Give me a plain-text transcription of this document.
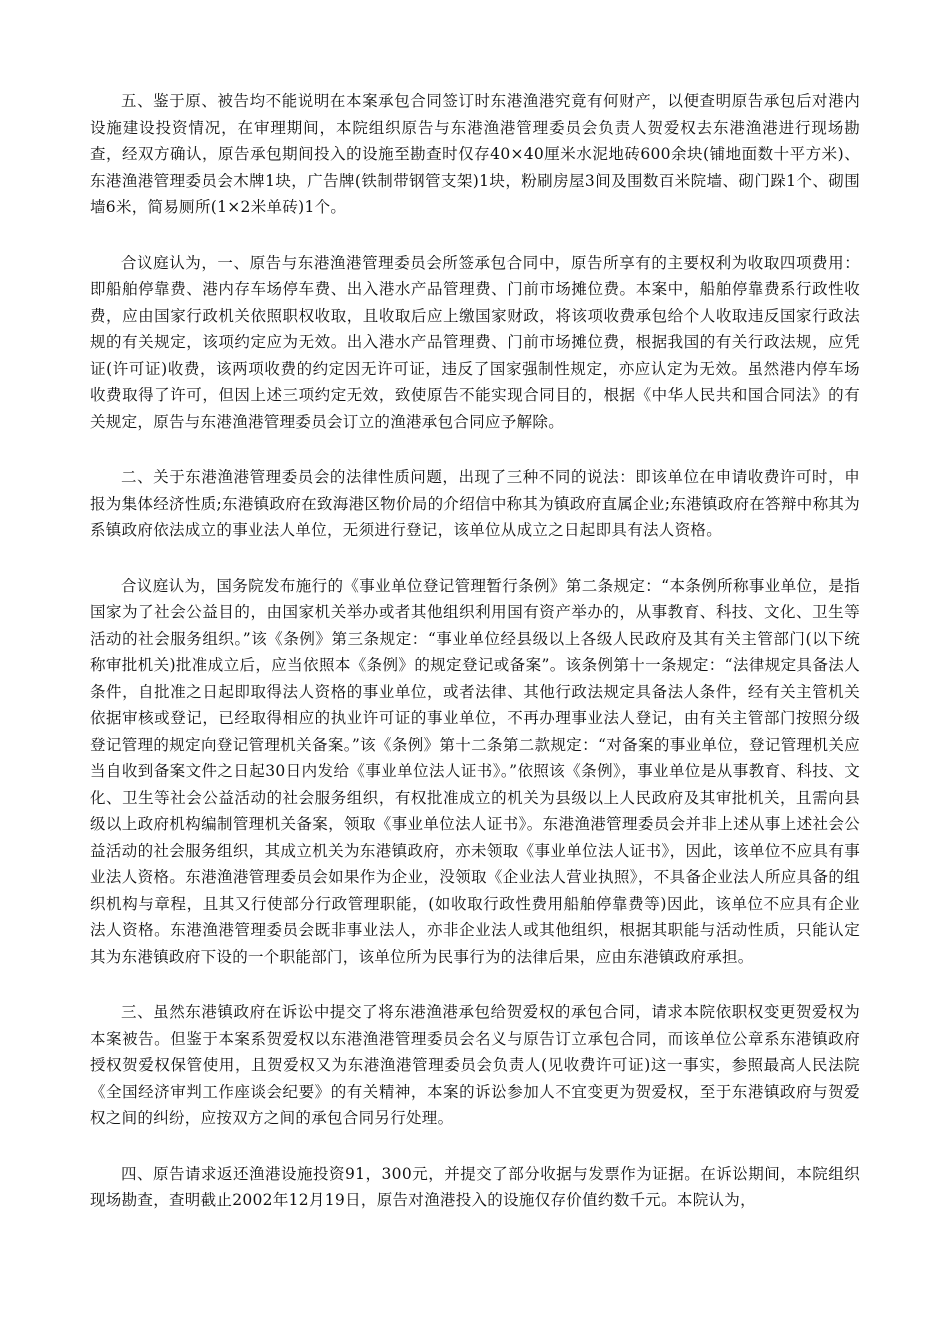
五、鉴于原、被告均不能说明在本案承包合同签订时东港渔港究竟有何财产，以便查明原告承包后对港内设施建设投资情况，在审理期间，本院组织原告与东港渔港管理委员会负责人贺爱权去东港渔港进行现场勘查，经双方确认，原告承包期间投入的设施至勘查时仅存40×40厘米水泥地砖600余块(铺地面数十平方米)、东港渔港管理委员会木牌1块，广告牌(铁制带钢管支架)1块，粉刷房屋3间及围数百米院墙、砌门跺1个、砌围墙6米，简易厕所(1×2米单砖)1个。

合议庭认为，一、原告与东港渔港管理委员会所签承包合同中，原告所享有的主要权利为收取四项费用：即船舶停靠费、港内存车场停车费、出入港水产品管理费、门前市场摊位费。本案中，船舶停靠费系行政性收费，应由国家行政机关依照职权收取，且收取后应上缴国家财政，将该项收费承包给个人收取违反国家行政法规的有关规定，该项约定应为无效。出入港水产品管理费、门前市场摊位费，根据我国的有关行政法规，应凭证(许可证)收费，该两项收费的约定因无许可证，违反了国家强制性规定，亦应认定为无效。虽然港内停车场收费取得了许可，但因上述三项约定无效，致使原告不能实现合同目的，根据《中华人民共和国合同法》的有关规定，原告与东港渔港管理委员会订立的渔港承包合同应予解除。

二、关于东港渔港管理委员会的法律性质问题，出现了三种不同的说法：即该单位在申请收费许可时，申报为集体经济性质;东港镇政府在致海港区物价局的介绍信中称其为镇政府直属企业;东港镇政府在答辩中称其为系镇政府依法成立的事业法人单位，无须进行登记，该单位从成立之日起即具有法人资格。

合议庭认为，国务院发布施行的《事业单位登记管理暂行条例》第二条规定：“本条例所称事业单位，是指国家为了社会公益目的，由国家机关举办或者其他组织利用国有资产举办的，从事教育、科技、文化、卫生等活动的社会服务组织。”该《条例》第三条规定：“事业单位经县级以上各级人民政府及其有关主管部门(以下统称审批机关)批准成立后，应当依照本《条例》的规定登记或备案”。该条例第十一条规定：“法律规定具备法人条件，自批准之日起即取得法人资格的事业单位，或者法律、其他行政法规定具备法人条件，经有关主管机关依据审核或登记，已经取得相应的执业许可证的事业单位，不再办理事业法人登记，由有关主管部门按照分级登记管理的规定向登记管理机关备案。”该《条例》第十二条第二款规定：“对备案的事业单位，登记管理机关应当自收到备案文件之日起30日内发给《事业单位法人证书》。”依照该《条例》，事业单位是从事教育、科技、文化、卫生等社会公益活动的社会服务组织，有权批准成立的机关为县级以上人民政府及其审批机关，且需向县级以上政府机构编制管理机关备案，领取《事业单位法人证书》。东港渔港管理委员会并非上述从事上述社会公益活动的社会服务组织，其成立机关为东港镇政府，亦未领取《事业单位法人证书》，因此，该单位不应具有事业法人资格。东港渔港管理委员会如果作为企业，没领取《企业法人营业执照》，不具备企业法人所应具备的组织机构与章程，且其又行使部分行政管理职能，(如收取行政性费用船舶停靠费等)因此，该单位不应具有企业法人资格。东港渔港管理委员会既非事业法人，亦非企业法人或其他组织，根据其职能与活动性质，只能认定其为东港镇政府下设的一个职能部门，该单位所为民事行为的法律后果，应由东港镇政府承担。

三、虽然东港镇政府在诉讼中提交了将东港渔港承包给贺爱权的承包合同，请求本院依职权变更贺爱权为本案被告。但鉴于本案系贺爱权以东港渔港管理委员会名义与原告订立承包合同，而该单位公章系东港镇政府授权贺爱权保管使用，且贺爱权又为东港渔港管理委员会负责人(见收费许可证)这一事实，参照最高人民法院《全国经济审判工作座谈会纪要》的有关精神，本案的诉讼参加人不宜变更为贺爱权，至于东港镇政府与贺爱权之间的纠纷，应按双方之间的承包合同另行处理。

四、原告请求返还渔港设施投资91，300元，并提交了部分收据与发票作为证据。在诉讼期间，本院组织现场勘查，查明截止2002年12月19日，原告对渔港投入的设施仅存价值约数千元。本院认为，
